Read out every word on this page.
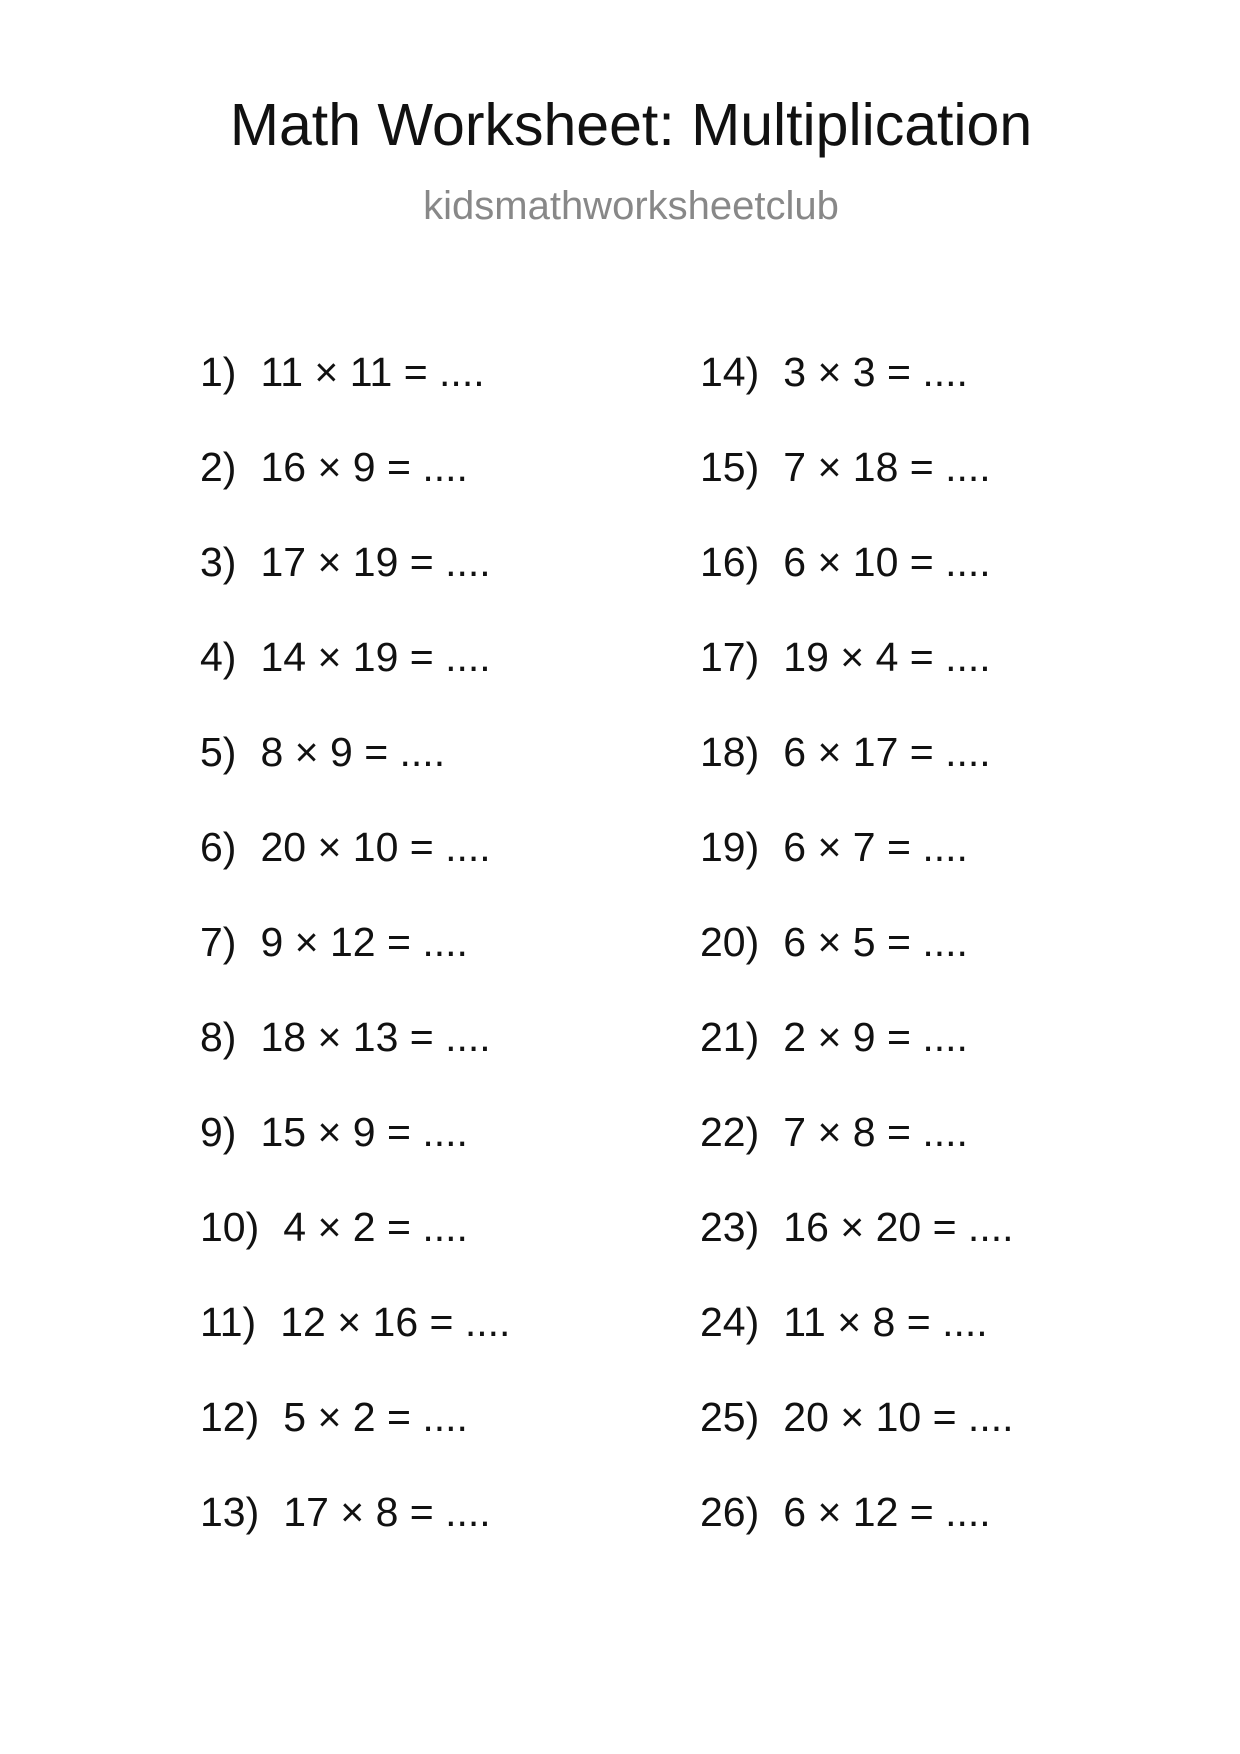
Math Worksheet: Multiplication
kidsmathworksheetclub
1) 11 × 11 = ....
2) 16 × 9 = ....
3) 17 × 19 = ....
4) 14 × 19 = ....
5) 8 × 9 = ....
6) 20 × 10 = ....
7) 9 × 12 = ....
8) 18 × 13 = ....
9) 15 × 9 = ....
10) 4 × 2 = ....
11) 12 × 16 = ....
12) 5 × 2 = ....
13) 17 × 8 = ....
14) 3 × 3 = ....
15) 7 × 18 = ....
16) 6 × 10 = ....
17) 19 × 4 = ....
18) 6 × 17 = ....
19) 6 × 7 = ....
20) 6 × 5 = ....
21) 2 × 9 = ....
22) 7 × 8 = ....
23) 16 × 20 = ....
24) 11 × 8 = ....
25) 20 × 10 = ....
26) 6 × 12 = ....
